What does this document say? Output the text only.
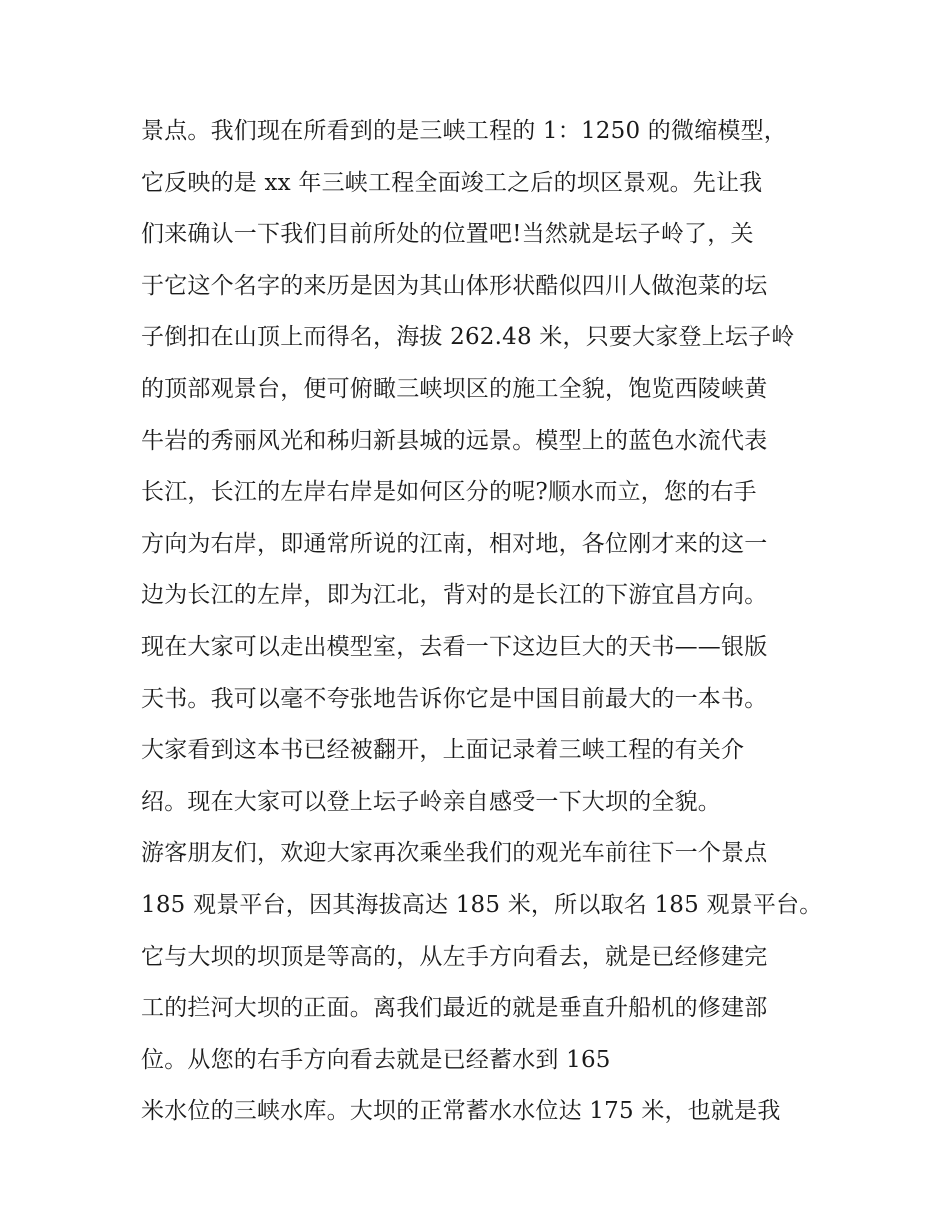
景点。我们现在所看到的是三峡工程的 1：1250 的微缩模型，
它反映的是 xx 年三峡工程全面竣工之后的坝区景观。先让我
们来确认一下我们目前所处的位置吧!当然就是坛子岭了，关
于它这个名字的来历是因为其山体形状酷似四川人做泡菜的坛
子倒扣在山顶上而得名，海拔 262.48 米，只要大家登上坛子岭
的顶部观景台，便可俯瞰三峡坝区的施工全貌，饱览西陵峡黄
牛岩的秀丽风光和秭归新县城的远景。模型上的蓝色水流代表
长江，长江的左岸右岸是如何区分的呢?顺水而立，您的右手
方向为右岸，即通常所说的江南，相对地，各位刚才来的这一
边为长江的左岸，即为江北，背对的是长江的下游宜昌方向。
现在大家可以走出模型室，去看一下这边巨大的天书——银版
天书。我可以毫不夸张地告诉你它是中国目前最大的一本书。
大家看到这本书已经被翻开，上面记录着三峡工程的有关介
绍。现在大家可以登上坛子岭亲自感受一下大坝的全貌。
游客朋友们，欢迎大家再次乘坐我们的观光车前往下一个景点
185 观景平台，因其海拔高达 185 米，所以取名 185 观景平台。
它与大坝的坝顶是等高的，从左手方向看去，就是已经修建完
工的拦河大坝的正面。离我们最近的就是垂直升船机的修建部
位。从您的右手方向看去就是已经蓄水到 165
米水位的三峡水库。大坝的正常蓄水水位达 175 米，也就是我
